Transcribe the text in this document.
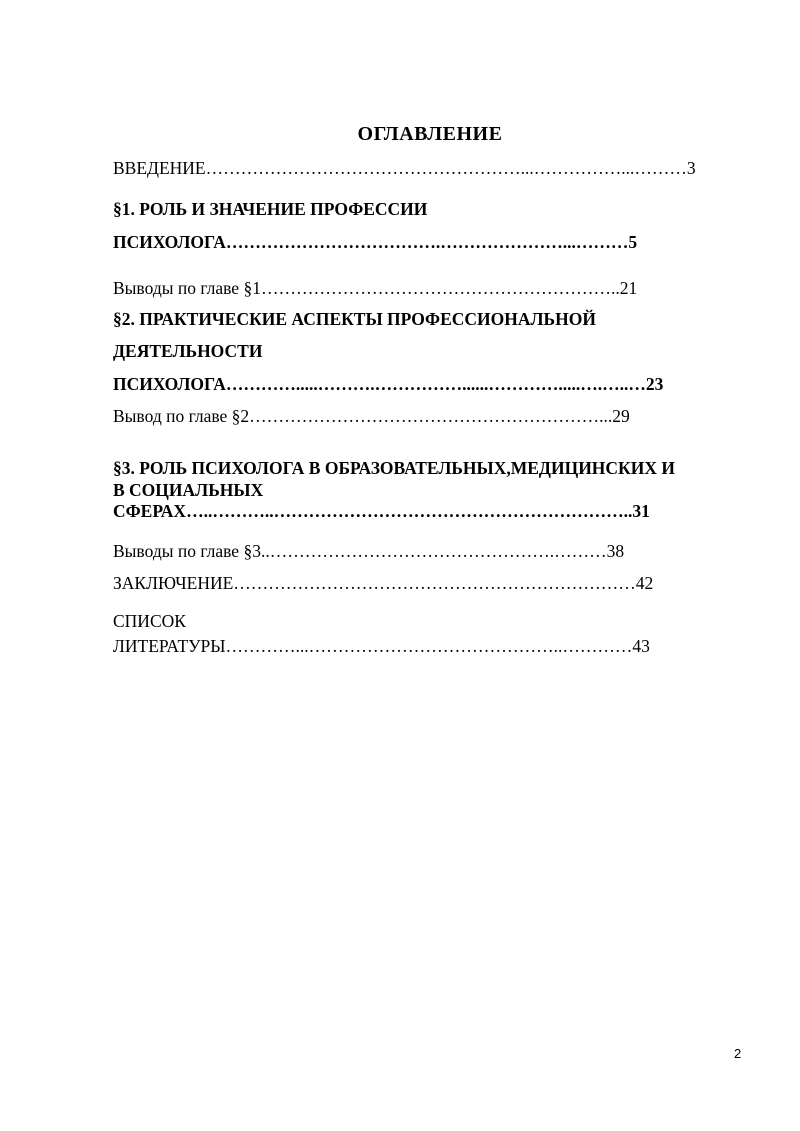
ОГЛАВЛЕНИЕ
ВВЕДЕНИЕ………………………………………………...……………...………3
§1. РОЛЬ И ЗНАЧЕНИЕ ПРОФЕССИИ
ПСИХОЛОГА……………………………….…………………...………5
Выводы по главе §1……………………………………………………..21
§2. ПРАКТИЧЕСКИЕ АСПЕКТЫ ПРОФЕССИОНАЛЬНОЙ
ДЕЯТЕЛЬНОСТИ
ПСИХОЛОГА………….....……….……………......………….....….…..…23
Вывод по главе §2……………………………………………………...29
§3. РОЛЬ ПСИХОЛОГА В ОБРАЗОВАТЕЛЬНЫХ,МЕДИЦИНСКИХ И
В СОЦИАЛЬНЫХ
СФЕРАХ…..………..……………………………………………………..31
Выводы по главе §3..………………………………………….………38
ЗАКЛЮЧЕНИЕ……………………………………………………………42
СПИСОК
ЛИТЕРАТУРЫ…………...……………………………………..…………43
2
